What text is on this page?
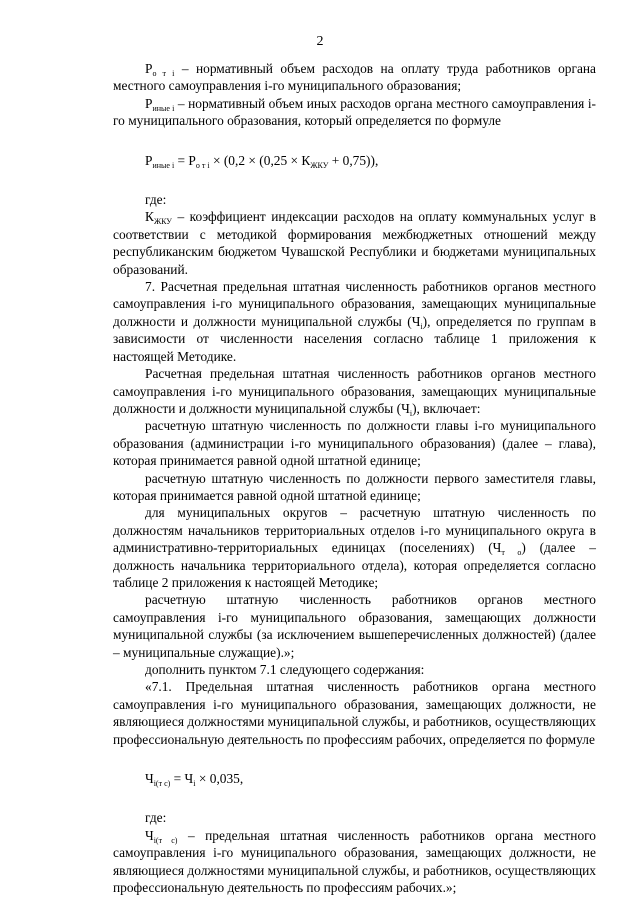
2

$Р_{о т i}$ – нормативный объем расходов на оплату труда работников органа местного самоуправления i-го муниципального образования;

$Р_{иные i}$ – нормативный объем иных расходов органа местного самоуправления i-го муниципального образования, который определяется по формуле

$Р_{иные i} = Р_{о т i} \times (0,2 \times (0,25 \times К_{ЖКУ} + 0,75))$,

где:

$К_{ЖКУ}$ – коэффициент индексации расходов на оплату коммунальных услуг в соответствии с методикой формирования межбюджетных отношений между республиканским бюджетом Чувашской Республики и бюджетами муниципальных образований.

7. Расчетная предельная штатная численность работников органов местного самоуправления i-го муниципального образования, замещающих муниципальные должности и должности муниципальной службы $(Ч_i)$, определяется по группам в зависимости от численности населения согласно таблице 1 приложения к настоящей Методике.

Расчетная предельная штатная численность работников органов местного самоуправления i-го муниципального образования, замещающих муниципальные должности и должности муниципальной службы $(Ч_i)$, включает:

расчетную штатную численность по должности главы i-го муниципального образования (администрации i-го муниципального образования) (далее – глава), которая принимается равной одной штатной единице;

расчетную штатную численность по должности первого заместителя главы, которая принимается равной одной штатной единице;

для муниципальных округов – расчетную штатную численность по должностям начальников территориальных отделов i-го муниципального округа в административно-территориальных единицах (поселениях) $(Ч_{т о})$ (далее – должность начальника территориального отдела), которая определяется согласно таблице 2 приложения к настоящей Методике;

расчетную штатную численность работников органов местного самоуправления i-го муниципального образования, замещающих должности муниципальной службы (за исключением вышеперечисленных должностей) (далее – муниципальные служащие).»;

дополнить пунктом 7.1 следующего содержания:

«7.1. Предельная штатная численность работников органа местного самоуправления i-го муниципального образования, замещающих должности, не являющиеся должностями муниципальной службы, и работников, осуществляющих профессиональную деятельность по профессиям рабочих, определяется по формуле

$Ч_{i(т с)} = Ч_i \times 0,035$,

где:

$Ч_{i(т с)}$ – предельная штатная численность работников органа местного самоуправления i-го муниципального образования, замещающих должности, не являющиеся должностями муниципальной службы, и работников, осуществляющих профессиональную деятельность по профессиям рабочих.»;
